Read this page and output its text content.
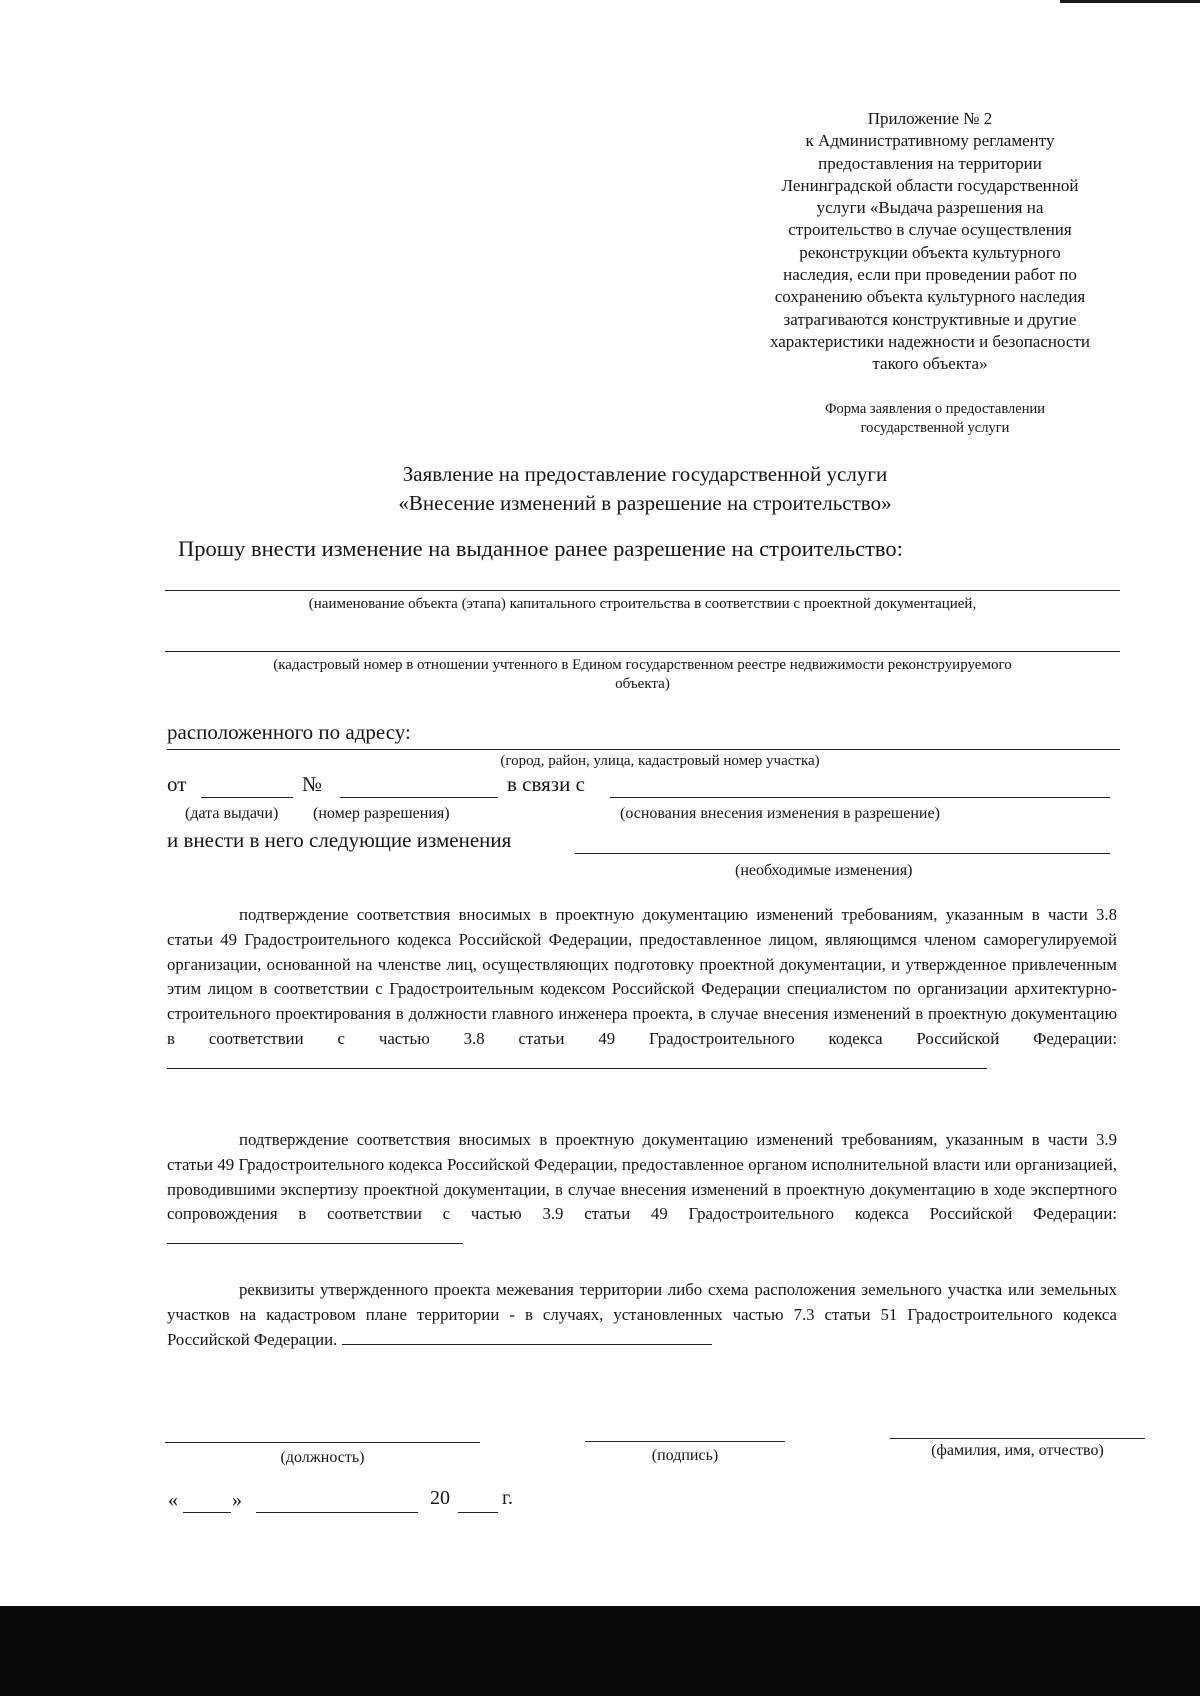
Приложение № 2
к Административному регламенту
предоставления на территории
Ленинградской области государственной
услуги «Выдача разрешения на
строительство в случае осуществления
реконструкции объекта культурного
наследия, если при проведении работ по
сохранению объекта культурного наследия
затрагиваются конструктивные и другие
характеристики надежности и безопасности
такого объекта»
Форма заявления о предоставлении
государственной услуги
Заявление на предоставление государственной услуги
«Внесение изменений в разрешение на строительство»
Прошу внести изменение на выданное ранее разрешение на строительство:
(наименование объекта (этапа) капитального строительства в соответствии с проектной документацией,
(кадастровый номер в отношении учтенного в Едином государственном реестре недвижимости реконструируемого
объекта)
расположенного по адресу:
(город, район, улица, кадастровый номер участка)
от	№	в связи с
(дата выдачи) (номер разрешения)	(основания внесения изменения в разрешение)
и внести в него следующие изменения
(необходимые изменения)
подтверждение соответствия вносимых в проектную документацию изменений требованиям, указанным в части 3.8 статьи 49 Градостроительного кодекса Российской Федерации, предоставленное лицом, являющимся членом саморегулируемой организации, основанной на членстве лиц, осуществляющих подготовку проектной документации, и утвержденное привлеченным этим лицом в соответствии с Градостроительным кодексом Российской Федерации специалистом по организации архитектурно-строительного проектирования в должности главного инженера проекта, в случае внесения изменений в проектную документацию в соответствии с частью 3.8 статьи 49 Градостроительного кодекса Российской Федерации:
подтверждение соответствия вносимых в проектную документацию изменений требованиям, указанным в части 3.9 статьи 49 Градостроительного кодекса Российской Федерации, предоставленное органом исполнительной власти или организацией, проводившими экспертизу проектной документации, в случае внесения изменений в проектную документацию в ходе экспертного сопровождения в соответствии с частью 3.9 статьи 49 Градостроительного кодекса Российской Федерации:
реквизиты утвержденного проекта межевания территории либо схема расположения земельного участка или земельных участков на кадастровом плане территории - в случаях, установленных частью 7.3 статьи 51 Градостроительного кодекса Российской Федерации.
(должность)	(подпись)	(фамилия, имя, отчество)
«	»	20	г.
